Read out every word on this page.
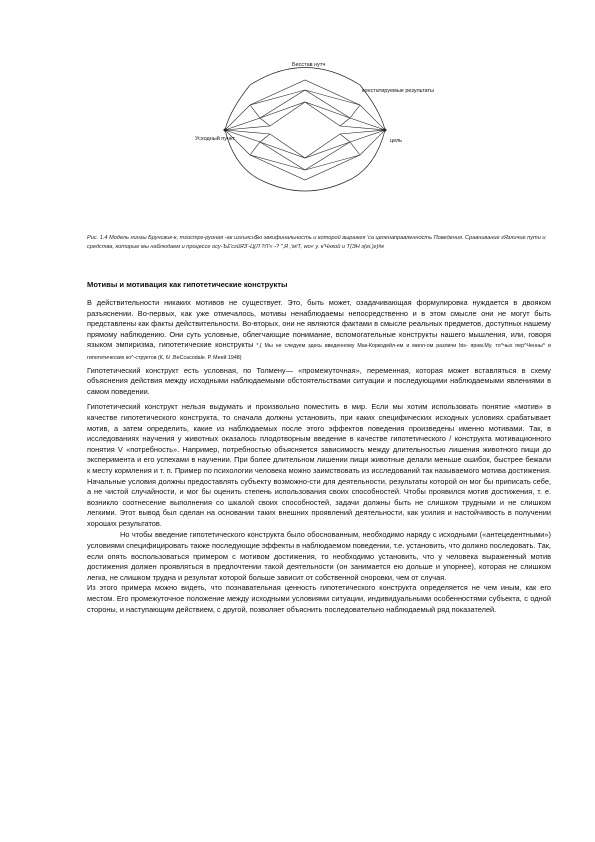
Бесстав нутч
констатируемые результаты
Усходный пункт	цель
Рис. 1.4 Модель линзы Брунсвик-к, тгострг-руоная -ак изгъясн$ю эвкифинальность и которой выражея 'са целенаправленность Поведения. Сравнивание гЯзличие пути и средства, которые мы наблюдаем и процессе осу-Ъ£'сгйЯЗ'-Ц(Л ?Л'« -? ",Я ,'м!Т, wo« у. к'Чнкой и Т(ЭН э(еi.)г)#к
Мотивы и мотивация как гипотетические конструкты

В действительности никаких мотивов не существует. Это, быть может, озадачивающая формулировка нуждается в двояком разъяснении. Во-первых, как уже отмечалось, мотивы ненаблюдаемы непосредственно и в этом смысле они не могут быть представлены как факты действительности. Во-вторых, они не являются фактами в смысле реальных предметов, доступных нашему прямому наблюдению. Они суть условные, облегчающие понимание, вспомогательные конструкты нашего мышления, или, говоря языком эмпиризма, гипотетические конструкты *.{ Мы не следуем здесь введенному Мак-Коркодейл-ем и милл-ом различи bis- ярнм.Му. то^чых пер^Ченны^ и гипотетических ко^-структов (К, 6/ .ВеСсасоdale. Р. Меей 1948)

Гипотетический конструкт есть условная, по Толмену— «промежуточная», переменная, которая может вставляться в схему объяснения действия между исходными наблюдаемыми обстоятельствами ситуации и последующими наблюдаемыми явлениями в самом поведении.

Гипотетический конструкт нельзя выдумать и произвольно поместить в мир. Если мы хотим использовать понятие «мотив» в качестве гипотетического конструкта, то сначала должны установить, при каких специфических исходных условиях срабатывает мотив, а затем определить, какие из наблюдаемых после этого эффектов поведения произведены именно мотивами. Так, в исследованиях научения у животных оказалось плодотворным введение в качестве гипотетического / конструкта мотивационного понятия V «потребность». Например, потребностью объясняется зависимость между длительностью лишения животного пищи до эксперимента и его успехами в научении. При более длительном лишении пищи животные делали меньше ошибок, быстрее бежали к месту кормления и т. п. Пример по психологии человека можно заимствовать из исследований так называемого мотива достижения. Начальные условия должны предоставлять субъекту возможно-сти для деятельности, результаты которой он мог бы приписать себе, а не чистой случайности, и мог бы оценить степень использования своих способностей. Чтобы проявился мотив достижения, т. е. возникло соотнесение выполнения со шкалой своих способностей, задачи должны быть не слишком трудными и не слишком легкими. Этот вывод был сделан на основании таких внешних проявлений деятельности, как усилия и настойчивость в получении хороших результатов.

Но чтобы введение гипотетического конструкта было обоснованным, необходимо наряду с исходными («антецедентными») условиями специфицировать также последующие эффекты в наблюдаемом поведении, т.е. установить, что должно последовать. Так, если опять воспользоваться примером с мотивом достижения, то необходимо установить, что у человека выраженный мотив достижения должен проявляться в предпочтении такой деятельности (он занимается ею дольше и упорнее), которая не слишком легка, не слишком трудна и результат которой больше зависит от собственной сноровки, чем от случая.

Из этого примера можно видеть, что познавательная ценность гипотетического конструкта определяется не чем иным, как его местом. Его промежуточное положение между исходными условиями ситуации, индивидуальными особенностями субъекта, с одной стороны, и наступающим действием, с другой, позволяет объяснить последовательно наблюдаемый ряд показателей.
